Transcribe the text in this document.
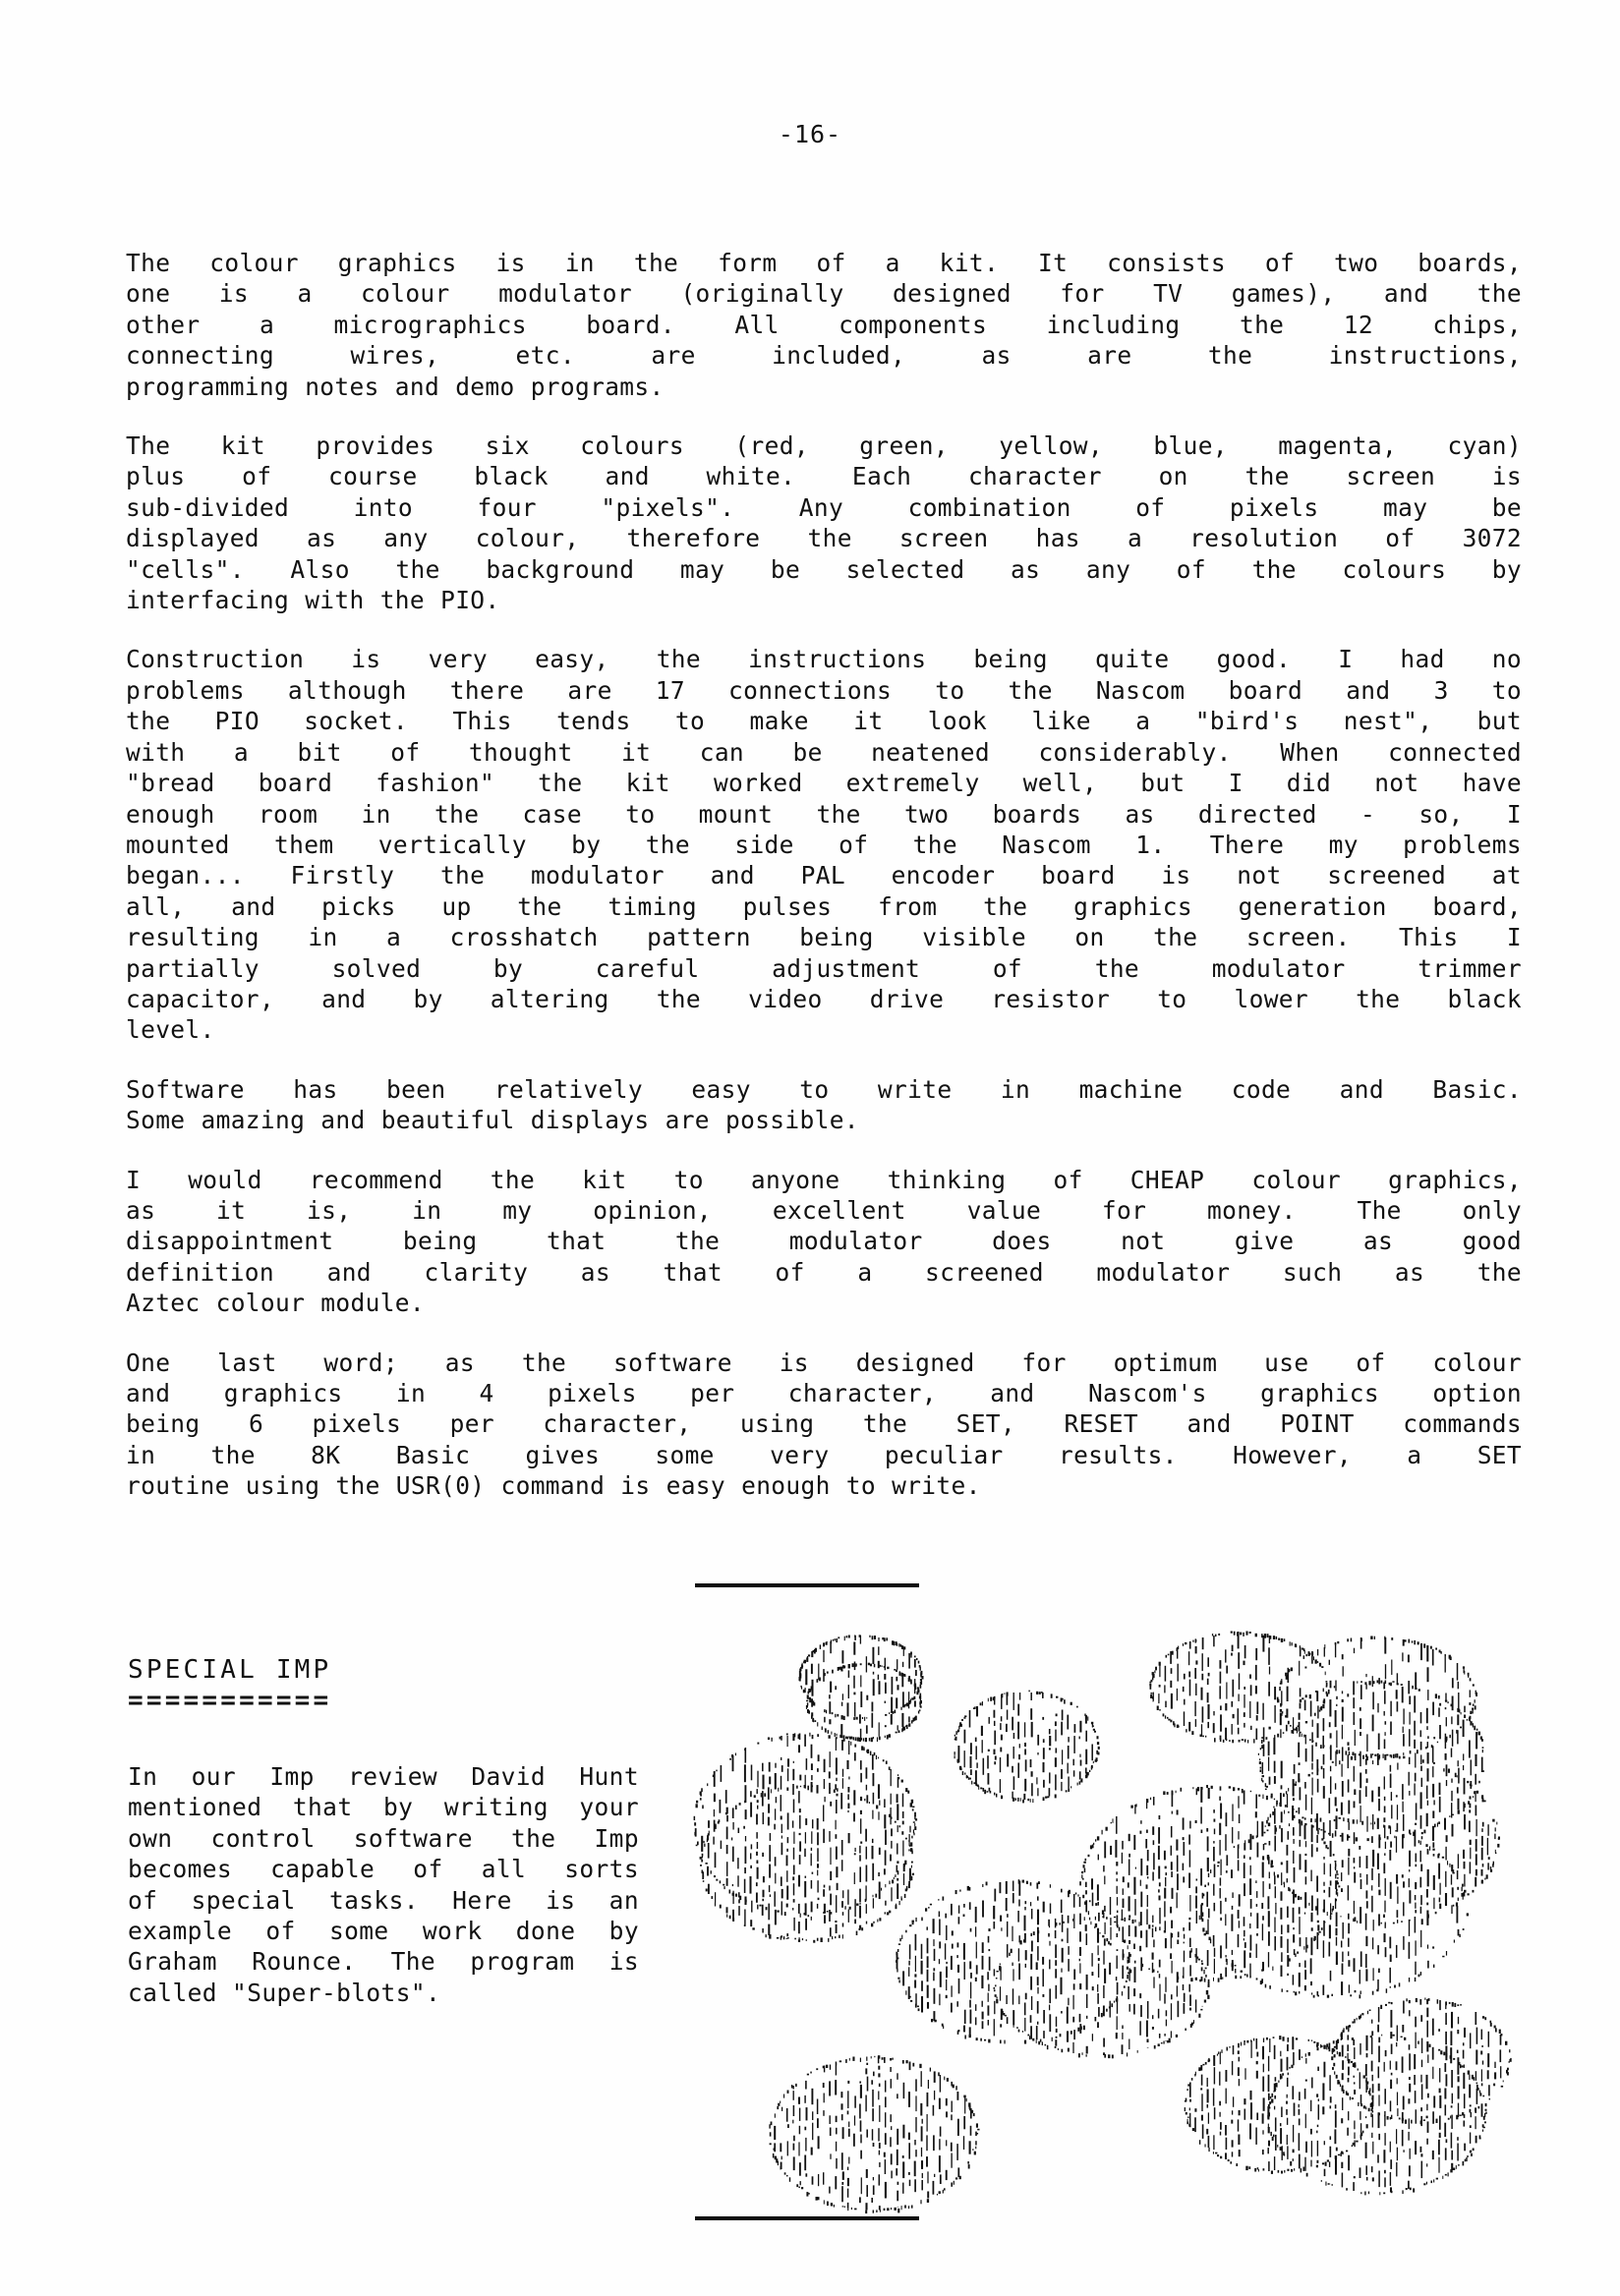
-16-
The colour graphics is in the form of a kit. It consists of two boards,
one is a colour modulator (originally designed for TV games), and the
other a micrographics board. All components including the 12 chips,
connecting wires, etc. are included, as are the instructions,
programming notes and demo programs.
The kit provides six colours (red, green, yellow, blue, magenta, cyan)
plus of course black and white. Each character on the screen is
sub-divided into four "pixels". Any combination of pixels may be
displayed as any colour, therefore the screen has a resolution of 3072
"cells". Also the background may be selected as any of the colours by
interfacing with the PIO.
Construction is very easy, the instructions being quite good. I had no
problems although there are 17 connections to the Nascom board and 3 to
the PIO socket. This tends to make it look like a "bird's nest", but
with a bit of thought it can be neatened considerably. When connected
"bread board fashion" the kit worked extremely well, but I did not have
enough room in the case to mount the two boards as directed - so, I
mounted them vertically by the side of the Nascom 1. There my problems
began... Firstly the modulator and PAL encoder board is not screened at
all, and picks up the timing pulses from the graphics generation board,
resulting in a crosshatch pattern being visible on the screen. This I
partially solved by careful adjustment of the modulator trimmer
capacitor, and by altering the video drive resistor to lower the black
level.
Software has been relatively easy to write in machine code and Basic.
Some amazing and beautiful displays are possible.
I would recommend the kit to anyone thinking of CHEAP colour graphics,
as it is, in my opinion, excellent value for money. The only
disappointment being that the modulator does not give as good
definition and clarity as that of a screened modulator such as the
Aztec colour module.
One last word; as the software is designed for optimum use of colour
and graphics in 4 pixels per character, and Nascom's graphics option
being 6 pixels per character, using the SET, RESET and POINT commands
in the 8K Basic gives some very peculiar results. However, a SET
routine using the USR(0) command is easy enough to write.
SPECIAL IMP
===========
In our Imp review David Hunt
mentioned that by writing your
own control software the Imp
becomes capable of all sorts
of special tasks. Here is an
example of some work done by
Graham Rounce. The program is
called "Super-blots".
